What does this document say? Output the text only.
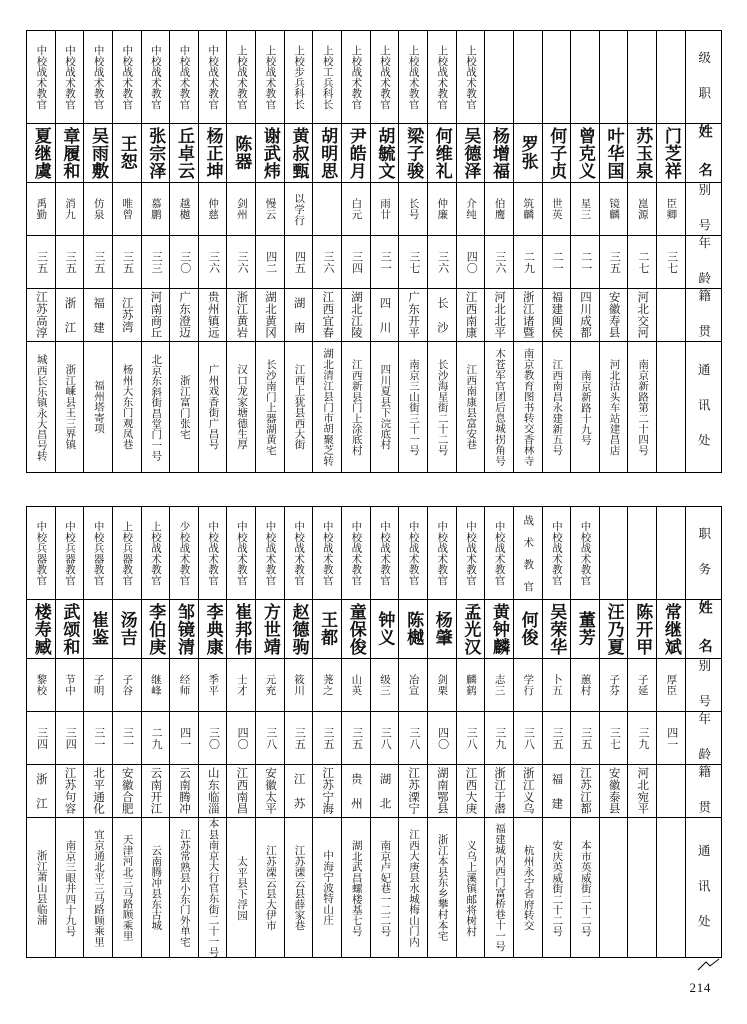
中校战术教官	中校战术教官	中校战术教官	中校战术教官	中校战术教官	中校战术教官	中校战术教官	上校战术教官	上校战术教官	上校步兵科长	上校工兵科长	上校战术教官	上校战术教官	上校战术教官	上校战术教官	上校战术教官								级 职

夏继虞	章履和	吴雨敷	王恕	张宗泽	丘卓云	杨正坤	陈器	谢武炜	黄叔甄	胡明思	尹皓月	胡毓文	梁子骏	何维礼	吴德泽	杨增福	罗张	何子贞	曾克义	叶华国	苏玉泉	门芝祥	姓 名

禹勤	消九	仿泉	唯曾	慕鹏	越樾	仲慈	剑州	慢云	以学行		白元	雨廿	长号	仲廉	介纯	伯鹰	筑麟	世英	星三	镜麟	崑源	臣卿	别 号

三五	三五	三五	三五	三三	三〇	三六	三六	四二	四五	三六	三四	三一	三七	三六	四〇	三六	二九	二一	二一	三五	二七	三七	年 龄

江苏高淳	浙 江	福 建	江苏湾	河南商丘	广东澄迈	贵州镇远	浙江黄岩	湖北黄冈	湖 南	江西宜春	湖北江陵	四 川	广东开平	长 沙	江西南康	河北北平	浙江诸暨	福建闽侯	四川成都	安徽寿县	河北交河		籍 贯

城西长乐镇永大昌号转	浙江嵊县王三界镇	福州塔寄项	杨州大东门观凤巷	北京东斜街昌堂门一号	浙江富门张宅	广州戏香街广昌号	汉口龙家塘德生厚	长沙南门上器湖黄宅	江西上犹县西大街	湖北清江县门市胡聚芝转	江西新县门上涂底村	四川夏县下浣底村	南京三山街三十一号	长沙海星街二十二号	江西南康县富安巷	木苍军官团后息城拐角号	南京教育图书转交香林寺	江西南昌永建新五号	南京新路十九号	河北沽头车站建昌店	南京新路第二十四号		通 讯 处
中校兵器教官	中校兵器教官	中校兵器教官	上校兵器教官	上校战术教官	少校战术教官	中校战术教官	中校战术教官	中校战术教官	中校战术教官	中校战术教官	中校战术教官	中校战术教官	中校战术教官	中校战术教官	中校战术教官	中校战术教官	战 术 教 官	中校战术教官	中校战术教官				职 务

楼寿臧	武颂和	崔鉴	汤吉	李伯庚	邹镜清	李典康	崔邦伟	方世靖	赵德驹	王都	童保俊	钟义	陈樾	杨肇	孟光汉	黄钟麟	何俊	吴荣华	董芳	汪乃夏	陈开甲	常继斌	姓 名

黎校	节中	子明	子谷	继峰	经师	季平	士才	元充	筱川	荛之	山英	级三	冶宣	剑栗	麟鹤	志三	学行	卜五	蕙村	子芬	子延	厚臣	别 号

三四	三四	三一	三一	二九	四一	三〇	四〇	三八	三五	三五	三五	三八	三八	四〇	三八	三九	三八	三五	三五	三七	三九	四一	年 龄

浙 江	江苏句容	北平通化	安徽合肥	云南开江	云南腾冲	山东临淄	江西南昌	安徽太平	江 苏	江苏宁海	贵 州	湖 北	江苏溧宁	湖南鄂县	江西大庚	浙江于潜	浙江义乌	福 建	江苏江都	安徽泰县	河北宛平		籍 贯

浙江萧山县临浦	南京三眼井四十九号	宜京通北平三马路顾乘里	天津河北三马路顾乘里	云南腾冲县东古城	江苏常熟县小东门外单宅	本县南京大行官东街二十一号	太平县下浮园	江苏溧云县大伊市	江苏溧云县薛家巷	中海宁波特山庄	湖北武昌螺楼基七号	南京卢妃巷一二二号	江西大庚县水城梅山门内	浙江本县东乡攀村本宅	义乌上溪镇邮将树村	福建城内西门富桥巷十一号	杭州永宁省府转交	安庆英威街二十二号	本市英威街二十二号				通 讯 处
214
